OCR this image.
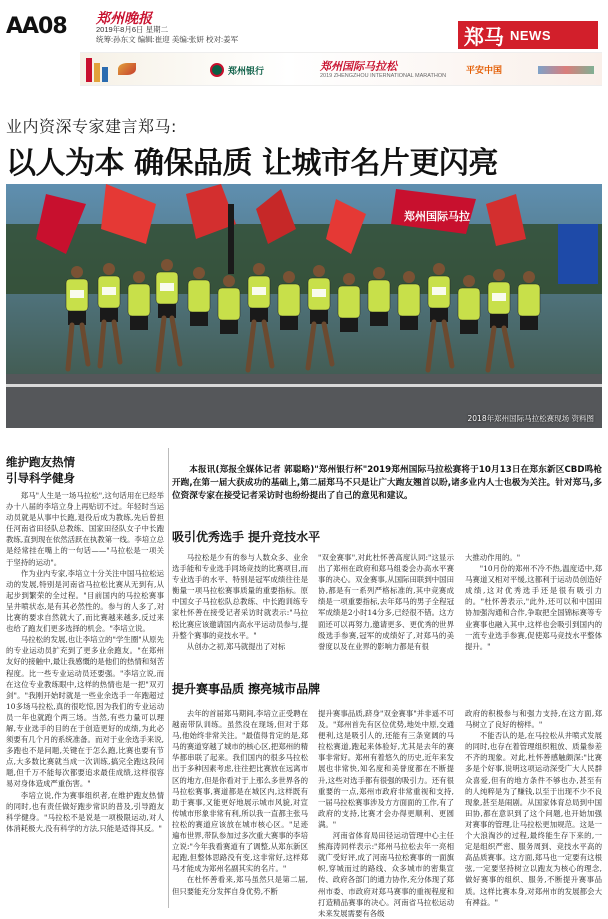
AA08 郑州晚报
2019年8月6日 星期二
统筹:孙东文 编辑:崔迎 美编:张妍 校对:姜军	郑马 NEWS
郑州银行	郑州国际马拉松
2019 ZHENGZHOU INTERNATIONAL MARATHON 平安中国
业内资深专家建言郑马:
以人为本 确保品质 让城市名片更闪亮
郑州国际马拉
2018年郑州国际马拉松赛现场 资料图
维护跑友热情
引导科学健身

郑马"人生是一场马拉松",这句话用在已经举办十八届的李培立身上再贴切不过。年轻时当运动员就是从事中长跑,退役后成为教练,先后曾担任河南省田径队总教练、国家田径队女子中长跑教练,直到现在依然活跃在执教第一线。李培立总是经常挂在嘴上的一句话——"马拉松是一项关于坚持的运动"。

作为业内专家,李培立十分关注中国马拉松运动的发展,特别是河南省马拉松比赛从无到有,从起步到繁荣的全过程。"目前国内的马拉松赛事呈井喷状态,是有其必然性的。参与的人多了,对比赛的要求自然就大了,而比赛越来越多,反过来也给了跑友们更多选择的机会。"李培立说。

马拉松的发展,也让李培立的"学生圈"从原先的专业运动员扩充到了更多业余跑友。"在郑州友好的接触中,最让我感慨的是他们的热情和刻苦程度。比一些专业运动员还要强。"李培立说,而在这位专业教练眼中,这样的热情也是一把"双刃剑"。"我刚开始时就是一些业余选手一年跑超过10多场马拉松,真的很吃惊,因为我们的专业运动员一年也就跑个两三场。当然,有些力量可以理解,专业选手的目的在于创造更好的成绩,为此必须要有几个月的系统准备。而对于业余选手来说,多跑也不是问题,关键在于怎么跑,比赛也要有节点,大多数比赛就当成一次训练,搞完全跑这段问题,但千万不能每次都要追求最佳成绩,这样很容易对身体造成严重伤害。"

李培立说,作为赛事组织者,在维护跑友热情的同时,也有责任做好跑步常识的普及,引导跑友科学健身。"马拉松不是说是一项极限运动,对人体消耗极大,没有科学的方法,只能是适得其反。"

本报讯(郑报全媒体记者 郭聪略)"郑州银行杯"2019郑州国际马拉松赛将于10月13日在郑东新区CBD鸣枪开跑,在第一届大获成功的基础上,第二届郑马不只是让广大跑友翘首以盼,诸多业内人士也极为关注。针对郑马,多位资深专家在接受记者采访时也纷纷提出了自己的意见和建议。
吸引优秀选手 提升竞技水平

马拉松是少有的参与人数众多、业余选手能和专业选手同场竞技的比赛项目,而专业选手的水平、特别是冠军成绩往往是衡量一项马拉松赛事质量的重要指标。原中国女子马拉松队总教练、中长跑训练专家杜怀善在接受记者采访时就表示:"马拉松比赛应该邀请国内高水平运动员参与,提升整个赛事的竞技水平。"

从创办之初,郑马就提出了对标

"双金赛事",对此杜怀善高度认同:"这显示出了郑州在政府和郑马组委会办高水平赛事的决心。双金赛事,从国际田联到中国田协,都是有一系列严格标准的,其中竞赛成绩是一项重要指标,去年郑马的男子全程冠军成绩是2小时14分多,已经很不错。这方面还可以再努力,邀请更多、更优秀的世界级选手参赛,冠军的成绩好了,对郑马的美誉度以及在业界的影响力都是有很

大推动作用的。"

"10月份的郑州不冷不热,温度适中,郑马赛道又相对平缓,这都利于运动员创造好成绩,这对优秀选手还是很有吸引力的。"杜怀善表示,"此外,还可以和中国田协加强沟通和合作,争取把全国锦标赛等专业赛事也融入其中,这样也会吸引到国内的一流专业选手参赛,促使郑马竞技水平整体提升。"

提升赛事品质 擦亮城市品牌

去年的首届郑马期间,李培立正受聘在越南带队训练。虽然没在现场,但对于郑马,他始终非常关注。"最值得肯定的是,郑马的赛道穿越了城市的核心区,把郑州的精华都串联了起来。我们国内的很多马拉松出于多种因素考虑,往往把比赛放在远离市区的地方,但是你看对于上那么多世界各的马拉松赛事,赛道都是在城区内,这样既有助于赛事,又能更好地展示城市风貌,对宣传城市形象非常有利,所以我一直都主张马拉松的赛道应该放在城市核心区。"足迹遍布世界,带队参加过多次重大赛事的李培立说:"今年我看赛道有了调整,从郑东新区起跑,但整体思路没有变,这非常好,这样郑马才能成为郑州名副其实的名片。"

在杜怀善看来,郑马虽然只是第二届,但只要能充分发挥自身优势,不断

提升赛事品质,跻身"双金赛事"并非遥不可及。"郑州首先有区位优势,地处中原,交通便利,这是吸引人的,还能有三条宽阔的马拉松赛道,跑起来体验好,尤其是去年的赛事非常好。郑州有着悠久的历史,近年来发展也非常快,知名度和美誉度都在不断提升,这些对选手都有很强的吸引力。还有很重要的一点,郑州市政府非常重视和支持,一届马拉松赛事涉及方方面面的工作,有了政府的支持,比赛才会办得更顺利、更圆满。"

河南省体育局田径运动管理中心主任熊海涛同样表示:"郑州马拉松去年一亮相就广受好评,成了河南马拉松赛事的一面旗帜,穿城而过的路线、众多城市的密集宣传、政府各部门的通力协作,充分体现了郑州市委、市政府对郑马赛事的重视程度和打造精品赛事的决心。河南省马拉松运动未来发展需要有各级

政府的积极参与和强力支持,在这方面,郑马树立了良好的榜样。"

不能否认的是,在马拉松从井喷式发展的同时,也存在着管理组织粗放、质量参差不齐的现象。对此,杜怀善感触颇深:"比赛多是个好事,说明这项运动深受广大人民群众喜爱,但有的地方条件不够也办,甚至有的人纯粹是为了赚钱,以至于出现不少不良现象,甚至是闹剧。从国家体育总局到中国田协,都在意识到了这个问题,也开始加强对赛事的管理,让马拉松更加规范。这是一个大浪淘沙的过程,最终能生存下来的,一定是组织严密、服务周到、竞技水平高的高品质赛事。这方面,郑马也一定要有这根弦,一定要坚持树立以跑友为核心的理念,做好赛事的组织、服务,不断提升赛事品质。这样比赛本身,对郑州市的发展都会大有裨益。"
